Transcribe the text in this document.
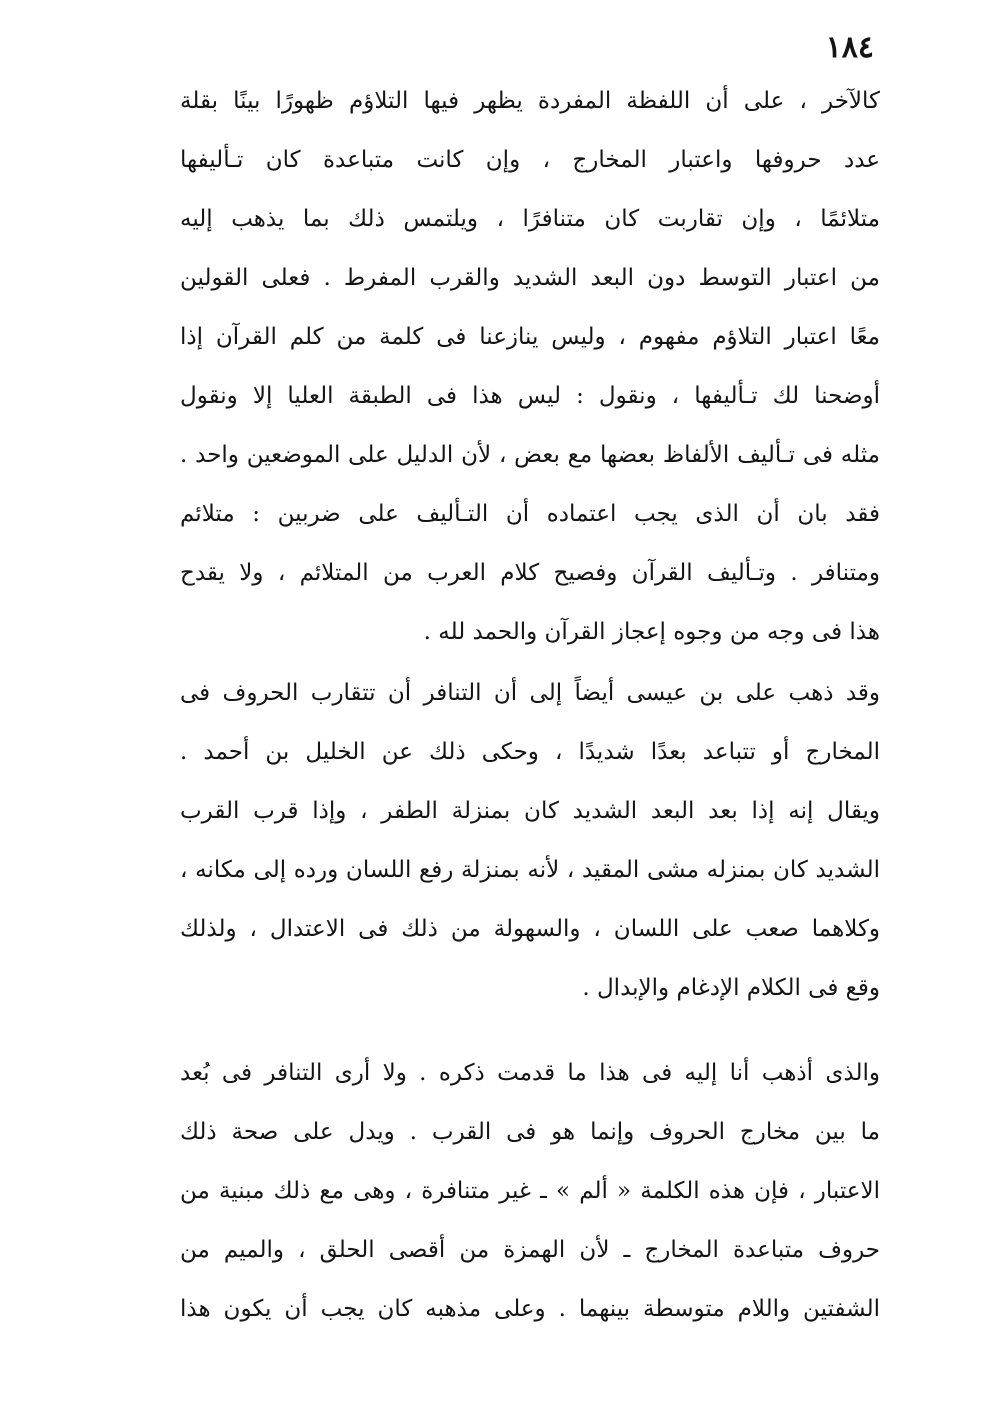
١٨٤
كالآخر ، على أن اللفظة المفردة يظهر فيها التلاؤم ظهورًا بينًا بقلة
عدد حروفها واعتبار المخارج ، وإن كانت متباعدة كان تـأليفها
متلائمًا ، وإن تقاربت كان متنافرًا ، ويلتمس ذلك بما يذهب إليه
من اعتبار التوسط دون البعد الشديد والقرب المفرط . فعلى القولين
معًا اعتبار التلاؤم مفهوم ، وليس ينازعنا فى كلمة من كلم القرآن إذا
أوضحنا لك تـأليفها ، ونقول : ليس هذا فى الطبقة العليا إلا ونقول
مثله فى تـأليف الألفاظ بعضها مع بعض ، لأن الدليل على الموضعين واحد .
فقد بان أن الذى يجب اعتماده أن التـأليف على ضربين : متلائم
ومتنافر . وتـأليف القرآن وفصيح كلام العرب من المتلائم ، ولا يقدح
هذا فى وجه من وجوه إعجاز القرآن والحمد لله .
وقد ذهب على بن عيسى أيضاً إلى أن التنافر أن تتقارب الحروف فى
المخارج أو تتباعد بعدًا شديدًا ، وحكى ذلك عن الخليل بن أحمد .
ويقال إنه إذا بعد البعد الشديد كان بمنزلة الطفر ، وإذا قرب القرب
الشديد كان بمنزله مشى المقيد ، لأنه بمنزلة رفع اللسان ورده إلى مكانه ،
وكلاهما صعب على اللسان ، والسهولة من ذلك فى الاعتدال ، ولذلك
وقع فى الكلام الإدغام والإبدال .
والذى أذهب أنا إليه فى هذا ما قدمت ذكره . ولا أرى التنافر فى بُعد
ما بين مخارج الحروف وإنما هو فى القرب . ويدل على صحة ذلك
الاعتبار ، فإن هذه الكلمة « ألم » ـ غير متنافرة ، وهى مع ذلك مبنية من
حروف متباعدة المخارج ـ لأن الهمزة من أقصى الحلق ، والميم من
الشفتين واللام متوسطة بينهما . وعلى مذهبه كان يجب أن يكون هذا
